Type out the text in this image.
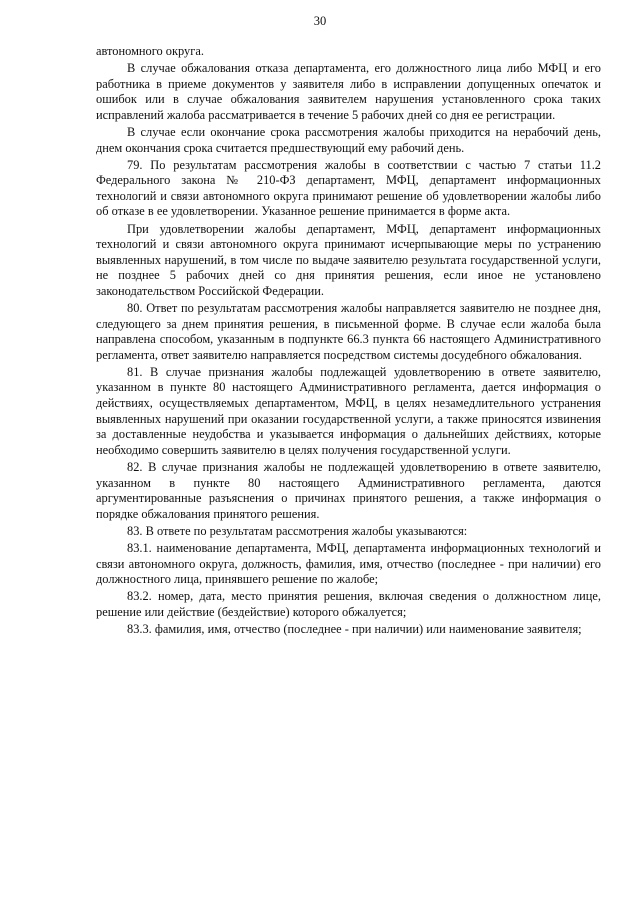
30

автономного округа.

В случае обжалования отказа департамента, его должностного лица либо МФЦ и его работника в приеме документов у заявителя либо в исправлении допущенных опечаток и ошибок или в случае обжалования заявителем нарушения установленного срока таких исправлений жалоба рассматривается в течение 5 рабочих дней со дня ее регистрации.

В случае если окончание срока рассмотрения жалобы приходится на нерабочий день, днем окончания срока считается предшествующий ему рабочий день.

79. По результатам рассмотрения жалобы в соответствии с частью 7 статьи 11.2 Федерального закона № 210-ФЗ департамент, МФЦ, департамент информационных технологий и связи автономного округа принимают решение об удовлетворении жалобы либо об отказе в ее удовлетворении. Указанное решение принимается в форме акта.

При удовлетворении жалобы департамент, МФЦ, департамент информационных технологий и связи автономного округа принимают исчерпывающие меры по устранению выявленных нарушений, в том числе по выдаче заявителю результата государственной услуги, не позднее 5 рабочих дней со дня принятия решения, если иное не установлено законодательством Российской Федерации.

80. Ответ по результатам рассмотрения жалобы направляется заявителю не позднее дня, следующего за днем принятия решения, в письменной форме. В случае если жалоба была направлена способом, указанным в подпункте 66.3 пункта 66 настоящего Административного регламента, ответ заявителю направляется посредством системы досудебного обжалования.

81. В случае признания жалобы подлежащей удовлетворению в ответе заявителю, указанном в пункте 80 настоящего Административного регламента, дается информация о действиях, осуществляемых департаментом, МФЦ, в целях незамедлительного устранения выявленных нарушений при оказании государственной услуги, а также приносятся извинения за доставленные неудобства и указывается информация о дальнейших действиях, которые необходимо совершить заявителю в целях получения государственной услуги.

82. В случае признания жалобы не подлежащей удовлетворению в ответе заявителю, указанном в пункте 80 настоящего Административного регламента, даются аргументированные разъяснения о причинах принятого решения, а также информация о порядке обжалования принятого решения.

83. В ответе по результатам рассмотрения жалобы указываются:

83.1. наименование департамента, МФЦ, департамента информационных технологий и связи автономного округа, должность, фамилия, имя, отчество (последнее - при наличии) его должностного лица, принявшего решение по жалобе;

83.2. номер, дата, место принятия решения, включая сведения о должностном лице, решение или действие (бездействие) которого обжалуется;

83.3. фамилия, имя, отчество (последнее - при наличии) или наименование заявителя;
